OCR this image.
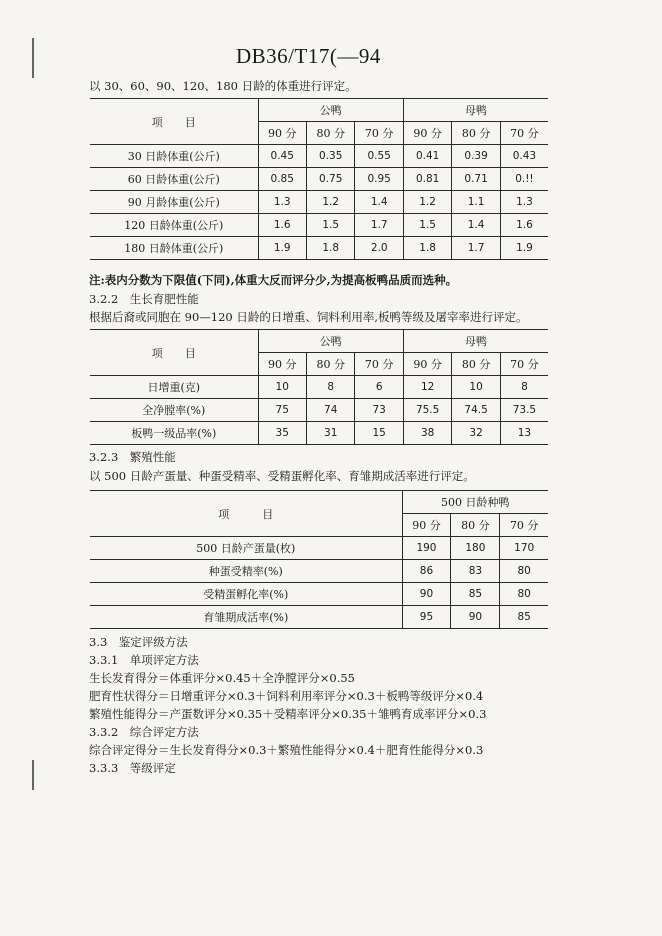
DB36/T17(—94
以 30、60、90、120、180 日龄的体重进行评定。
项　　目	公鸭			母鸭		
	90 分	80 分	70 分	90 分	80 分	70 分
30 日龄体重(公斤)	0.45	0.35	0.55	0.41	0.39	0.43
60 日龄体重(公斤)	0.85	0.75	0.95	0.81	0.71	0.!!
90 月龄体重(公斤)	1.3	1.2	1.4	1.2	1.1	1.3
120 日龄体重(公斤)	1.6	1.5	1.7	1.5	1.4	1.6
180 日龄体重(公斤)	1.9	1.8	2.0	1.8	1.7	1.9
注:表内分数为下限值(下同),体重大反而评分少,为提高板鸭品质而选种。
3.2.2　生长育肥性能
根据后裔或同胞在 90—120 日龄的日增重、饲料利用率,板鸭等级及屠宰率进行评定。
项　　目	公鸭			母鸭		
	90 分	80 分	70 分	90 分	80 分	70 分
日增重(克)	10	8	6	12	10	8
全净膛率(%)	75	74	73	75.5	74.5	73.5
板鸭一级品率(%)	35	31	15	38	32	13
3.2.3　繁殖性能
以 500 日龄产蛋量、种蛋受精率、受精蛋孵化率、育雏期成活率进行评定。
项　　　目	500 日龄种鸭		
	90 分	80 分	70 分
500 日龄产蛋量(枚)	190	180	170
种蛋受精率(%)	86	83	80
受精蛋孵化率(%)	90	85	80
育雏期成活率(%)	95	90	85
3.3　鉴定评级方法
3.3.1　单项评定方法
生长发育得分＝体重评分×0.45＋全净膛评分×0.55
肥育性状得分＝日增重评分×0.3＋饲料利用率评分×0.3＋板鸭等级评分×0.4
繁殖性能得分＝产蛋数评分×0.35＋受精率评分×0.35＋雏鸭育成率评分×0.3
3.3.2　综合评定方法
综合评定得分＝生长发育得分×0.3＋繁殖性能得分×0.4＋肥育性能得分×0.3
3.3.3　等级评定
